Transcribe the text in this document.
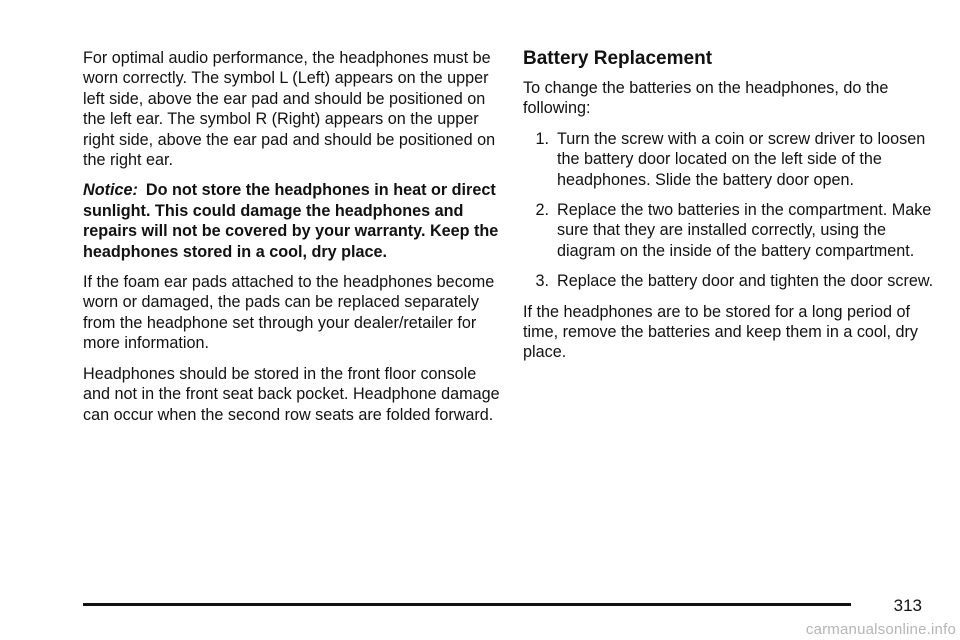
For optimal audio performance, the headphones must be worn correctly. The symbol L (Left) appears on the upper left side, above the ear pad and should be positioned on the left ear. The symbol R (Right) appears on the upper right side, above the ear pad and should be positioned on the right ear.

Notice: Do not store the headphones in heat or direct sunlight. This could damage the headphones and repairs will not be covered by your warranty. Keep the headphones stored in a cool, dry place.

If the foam ear pads attached to the headphones become worn or damaged, the pads can be replaced separately from the headphone set through your dealer/retailer for more information.

Headphones should be stored in the front floor console and not in the front seat back pocket. Headphone damage can occur when the second row seats are folded forward.

Battery Replacement

To change the batteries on the headphones, do the following:

1. Turn the screw with a coin or screw driver to loosen the battery door located on the left side of the headphones. Slide the battery door open.
2. Replace the two batteries in the compartment. Make sure that they are installed correctly, using the diagram on the inside of the battery compartment.
3. Replace the battery door and tighten the door screw.

If the headphones are to be stored for a long period of time, remove the batteries and keep them in a cool, dry place.

313
carmanualsonline.info
